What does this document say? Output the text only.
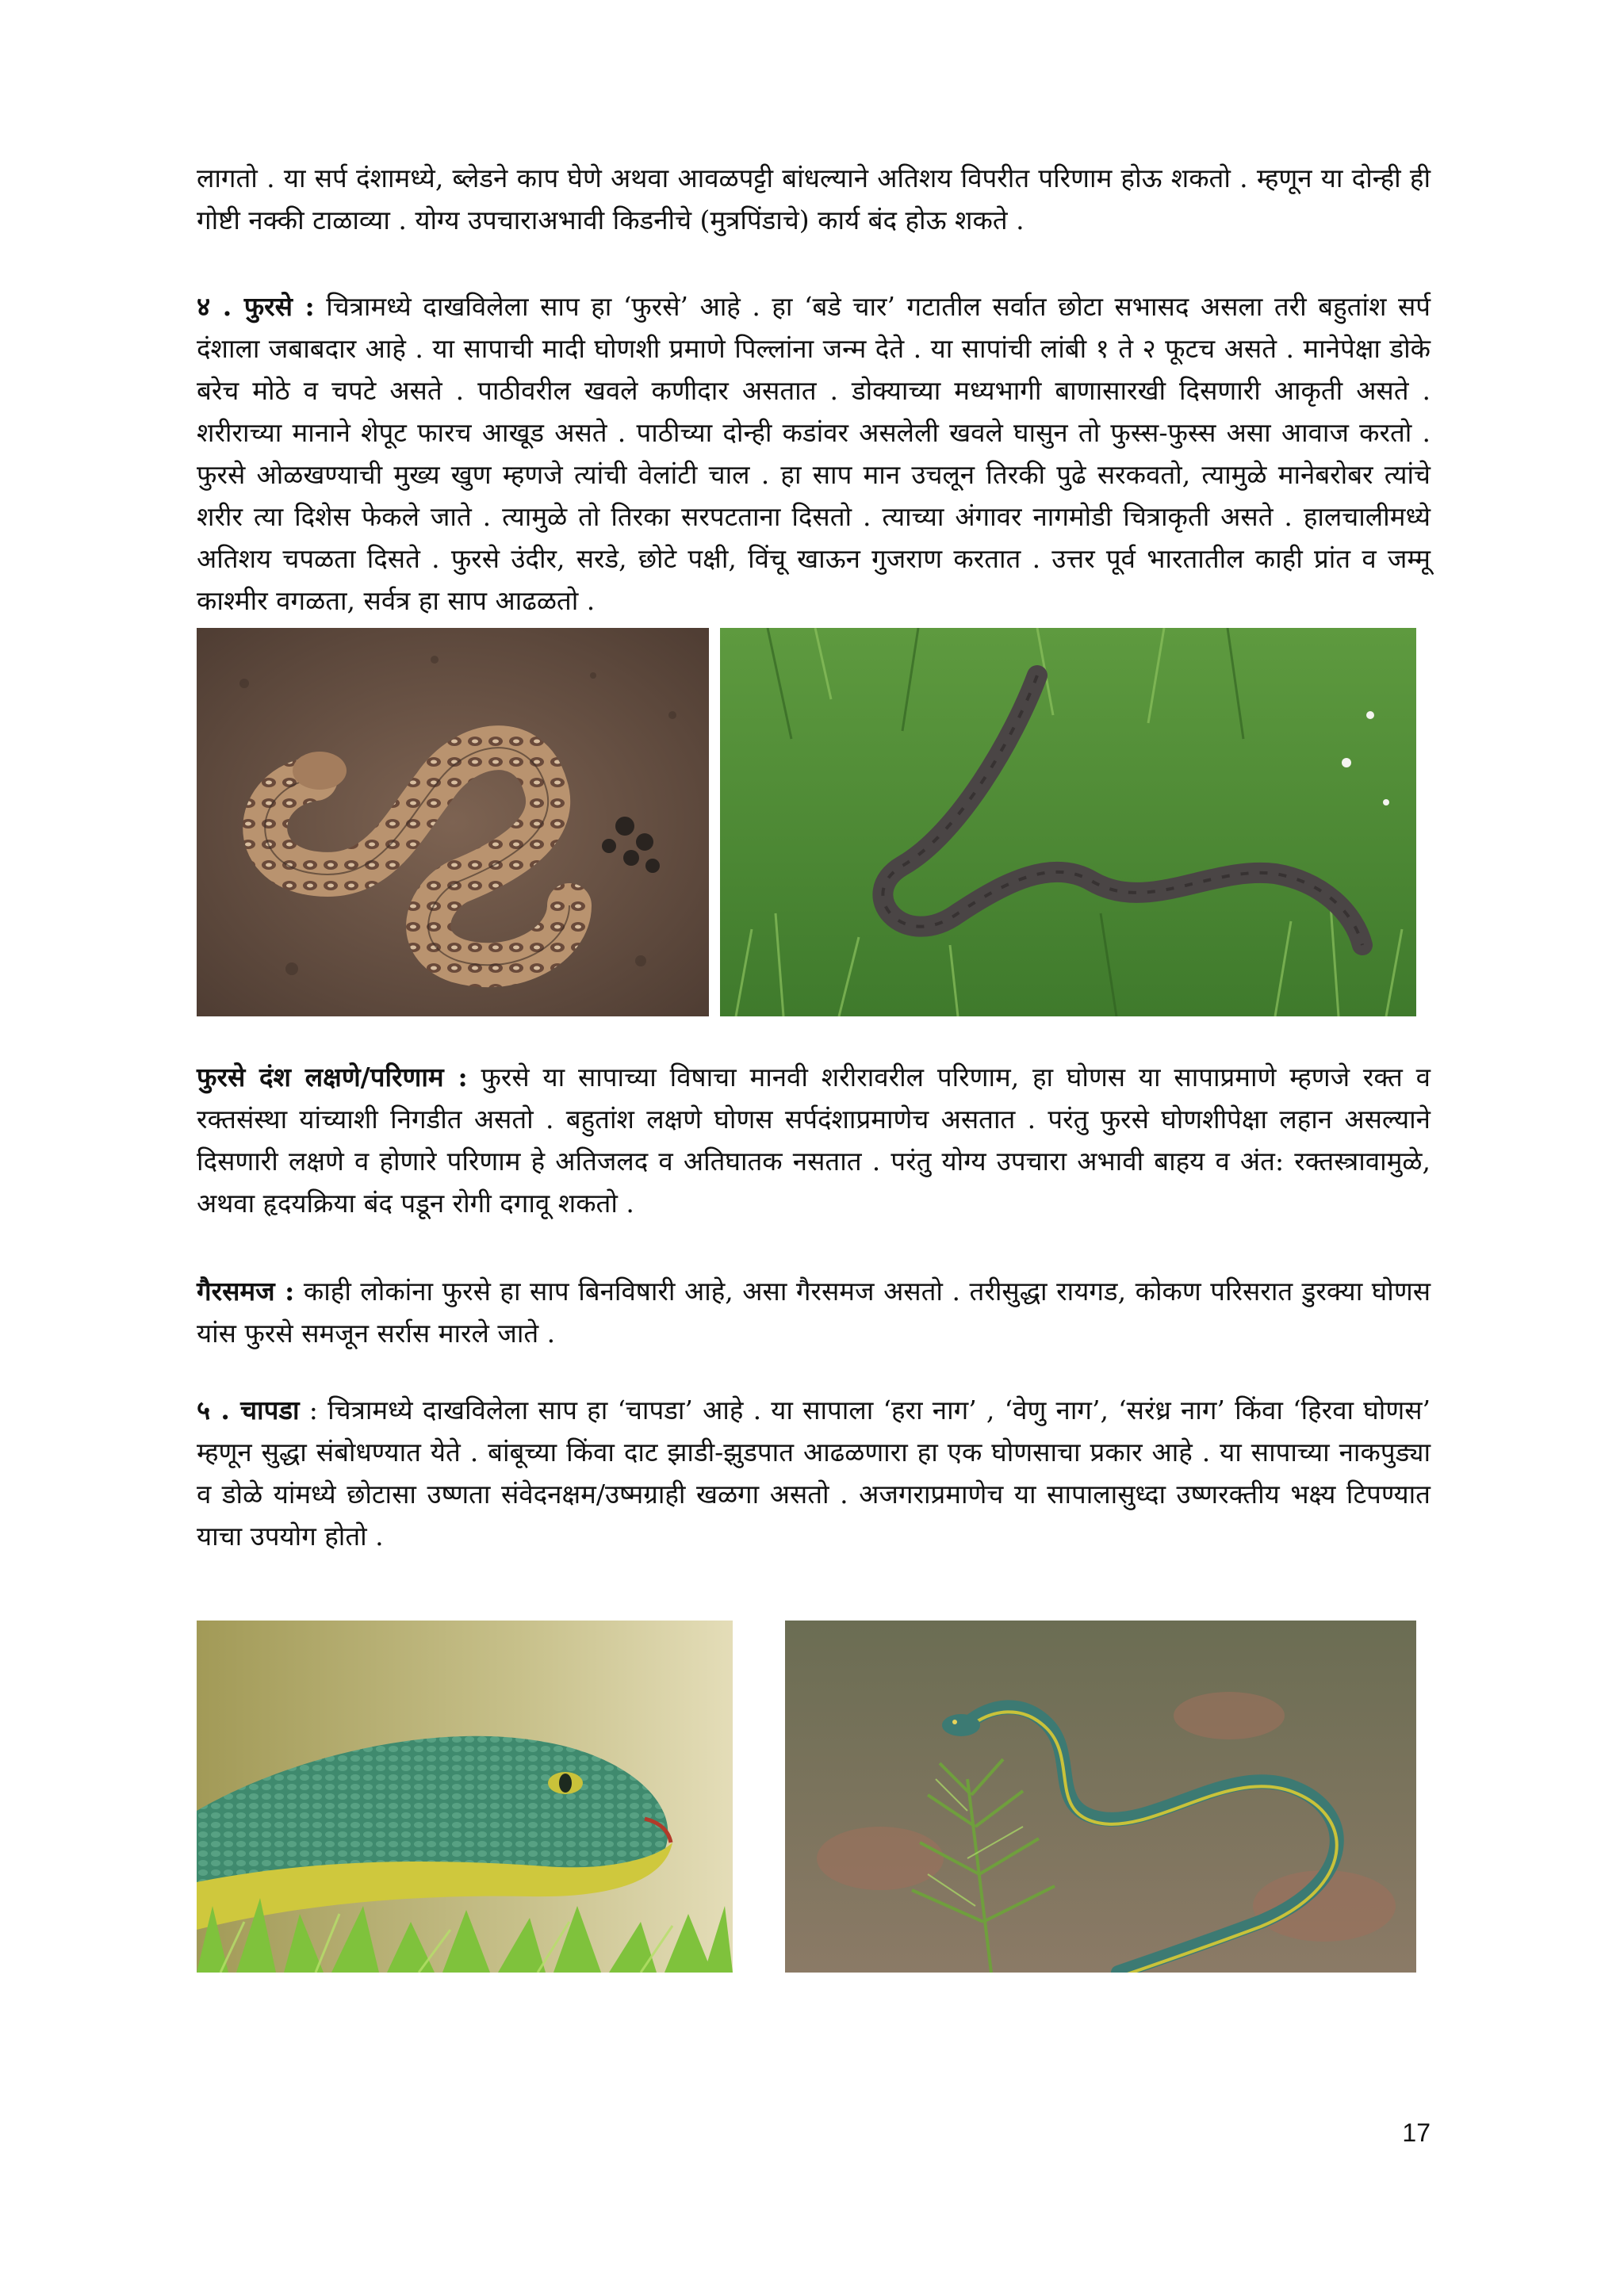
लागतो . या सर्प दंशामध्ये, ब्लेडने काप घेणे अथवा आवळपट्टी बांधल्याने अतिशय विपरीत परिणाम होऊ शकतो . म्हणून या दोन्ही ही गोष्टी नक्की टाळाव्या . योग्य उपचाराअभावी किडनीचे (मुत्रपिंडाचे) कार्य बंद होऊ शकते .

४ . फुरसे : चित्रामध्ये दाखविलेला साप हा ‘फुरसे’ आहे . हा ‘बडे चार’ गटातील सर्वात छोटा सभासद असला तरी बहुतांश सर्प दंशाला जबाबदार आहे . या सापाची मादी घोणशी प्रमाणे पिल्लांना जन्म देते . या सापांची लांबी १ ते २ फूटच असते . मानेपेक्षा डोके बरेच मोठे व चपटे असते . पाठीवरील खवले कणीदार असतात . डोक्याच्या मध्यभागी बाणासारखी दिसणारी आकृती असते . शरीराच्या मानाने शेपूट फारच आखूड असते . पाठीच्या दोन्ही कडांवर असलेली खवले घासुन तो फुस्स-फुस्स असा आवाज करतो . फुरसे ओळखण्याची मुख्य खुण म्हणजे त्यांची वेलांटी चाल . हा साप मान उचलून तिरकी पुढे सरकवतो, त्यामुळे मानेबरोबर त्यांचे शरीर त्या दिशेस फेकले जाते . त्यामुळे तो तिरका सरपटताना दिसतो . त्याच्या अंगावर नागमोडी चित्राकृती असते . हालचालीमध्ये अतिशय चपळता दिसते . फुरसे उंदीर, सरडे, छोटे पक्षी, विंचू खाऊन गुजराण करतात . उत्तर पूर्व भारतातील काही प्रांत व जम्मू काश्मीर वगळता, सर्वत्र हा साप आढळतो .

फुरसे दंश लक्षणे/परिणाम : फुरसे या सापाच्या विषाचा मानवी शरीरावरील परिणाम, हा घोणस या सापाप्रमाणे म्हणजे रक्त व रक्तसंस्था यांच्याशी निगडीत असतो . बहुतांश लक्षणे घोणस सर्पदंशाप्रमाणेच असतात . परंतु फुरसे घोणशीपेक्षा लहान असल्याने दिसणारी लक्षणे व होणारे परिणाम हे अतिजलद व अतिघातक नसतात . परंतु योग्य उपचारा अभावी बाहय व अंत: रक्तस्त्रावामुळे, अथवा हृदयक्रिया बंद पडून रोगी दगावू शकतो .

गैरसमज : काही लोकांना फुरसे हा साप बिनविषारी आहे, असा गैरसमज असतो . तरीसुद्धा रायगड, कोकण परिसरात डुरक्या घोणस यांस फुरसे समजून सर्रास मारले जाते .

५ . चापडा : चित्रामध्ये दाखविलेला साप हा ‘चापडा’ आहे . या सापाला ‘हरा नाग’ , ‘वेणु नाग’, ‘सरंध्र नाग’ किंवा ‘हिरवा घोणस’ म्हणून सुद्धा संबोधण्यात येते . बांबूच्या किंवा दाट झाडी-झुडपात आढळणारा हा एक घोणसाचा प्रकार आहे . या सापाच्या नाकपुड्या व डोळे यांमध्ये छोटासा उष्णता संवेदनक्षम/उष्मग्राही खळगा असतो . अजगराप्रमाणेच या सापालासुध्दा उष्णरक्तीय भक्ष्य टिपण्यात याचा उपयोग होतो .

17
